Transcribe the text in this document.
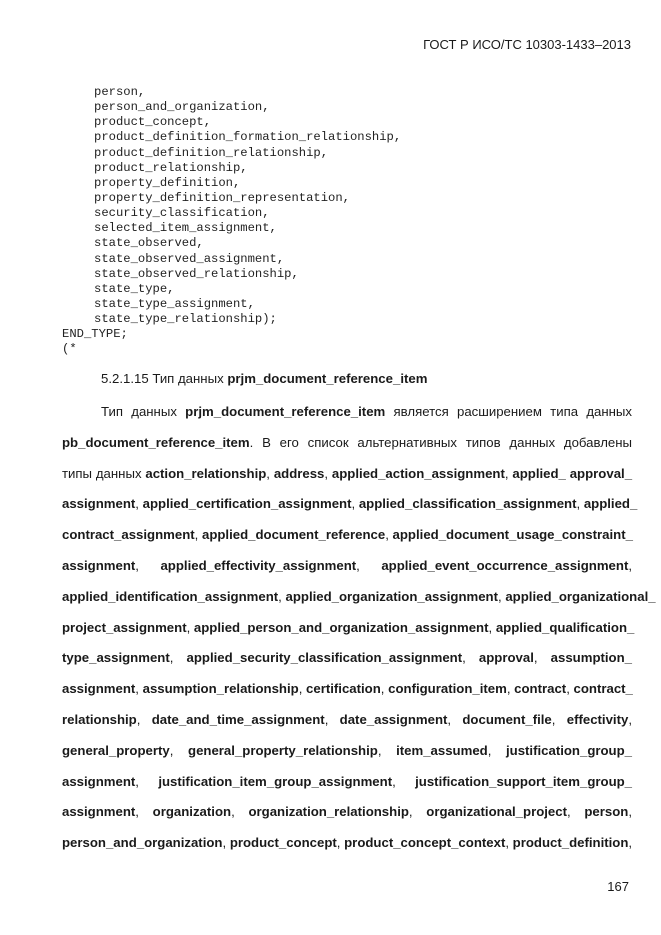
ГОСТ Р ИСО/ТС 10303-1433–2013
person,
person_and_organization,
product_concept,
product_definition_formation_relationship,
product_definition_relationship,
product_relationship,
property_definition,
property_definition_representation,
security_classification,
selected_item_assignment,
state_observed,
state_observed_assignment,
state_observed_relationship,
state_type,
state_type_assignment,
state_type_relationship);
END_TYPE;
(*
5.2.1.15 Тип данных prjm_document_reference_item
Тип данных prjm_document_reference_item является расширением типа данных
pb_document_reference_item. В его список альтернативных типов данных добавлены
типы данных action_relationship, address, applied_action_assignment, applied_ approval_
assignment, applied_certification_assignment, applied_classification_assignment, applied_
contract_assignment, applied_document_reference, applied_document_usage_constraint_
assignment, applied_effectivity_assignment, applied_event_occurrence_assignment,
applied_identification_assignment, applied_organization_assignment, applied_organizational_
project_assignment, applied_person_and_organization_assignment, applied_qualification_
type_assignment, applied_security_classification_assignment, approval, assumption_
assignment, assumption_relationship, certification, configuration_item, contract, contract_
relationship, date_and_time_assignment, date_assignment, document_file, effectivity,
general_property, general_property_relationship, item_assumed, justification_group_
assignment, justification_item_group_assignment, justification_support_item_group_
assignment, organization, organization_relationship, organizational_project, person,
person_and_organization, product_concept, product_concept_context, product_definition,
167
